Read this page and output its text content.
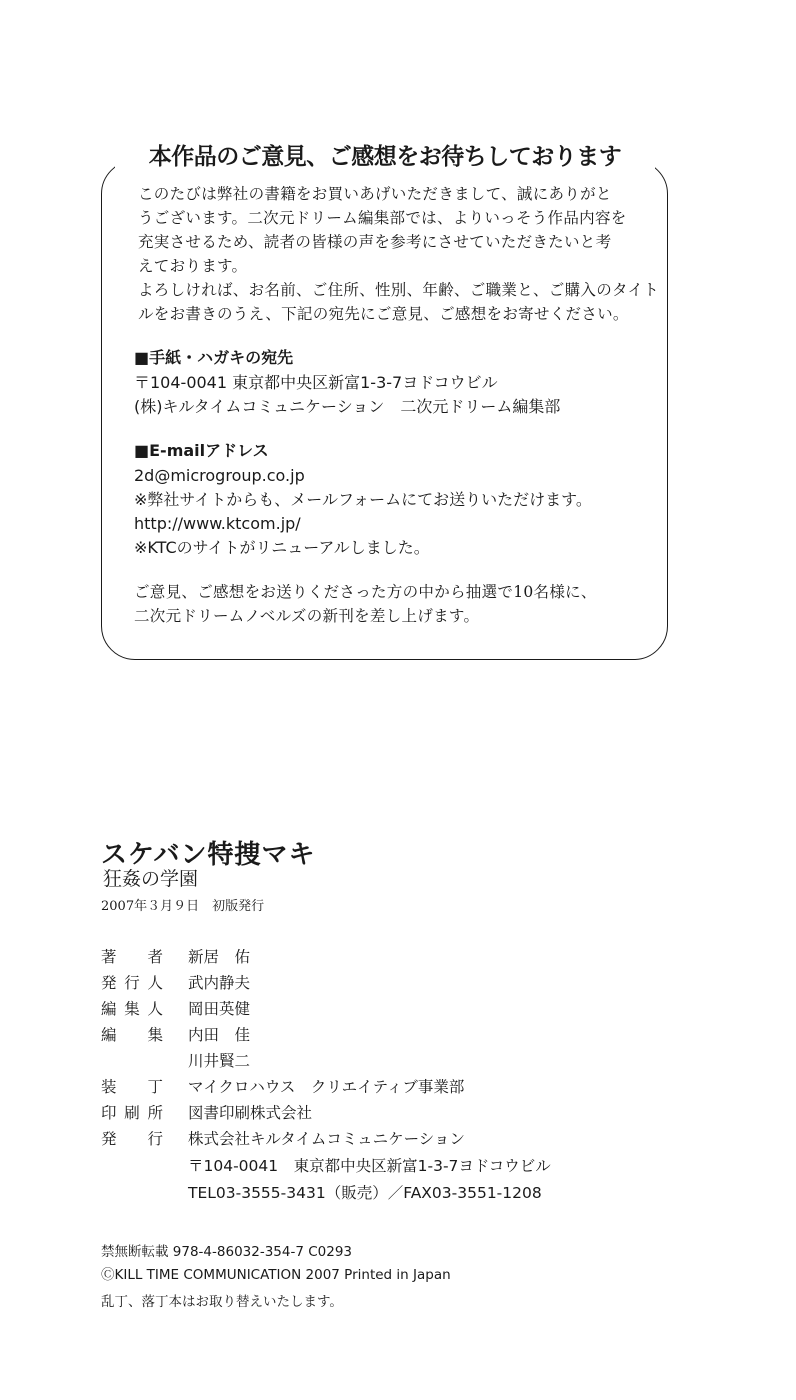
本作品のご意見、ご感想をお待ちしております
このたびは弊社の書籍をお買いあげいただきまして、誠にありがと
うございます。二次元ドリーム編集部では、よりいっそう作品内容を
充実させるため、読者の皆様の声を参考にさせていただきたいと考
えております。
よろしければ、お名前、ご住所、性別、年齢、ご職業と、ご購入のタイト
ルをお書きのうえ、下記の宛先にご意見、ご感想をお寄せください。
■手紙・ハガキの宛先
〒104-0041 東京都中央区新富1-3-7ヨドコウビル
(株)キルタイムコミュニケーション　二次元ドリーム編集部
■E-mailアドレス
2d@microgroup.co.jp
※弊社サイトからも、メールフォームにてお送りいただけます。
http://www.ktcom.jp/
※KTCのサイトがリニューアルしました。
ご意見、ご感想をお送りくださった方の中から抽選で10名様に、
二次元ドリームノベルズの新刊を差し上げます。
スケバン特捜マキ
狂姦の学園
2007年３月９日　初版発行
著　者 新居　佑
発行人 武内静夫
編集人 岡田英健
編　集 内田　佳
川井賢二
装　丁 マイクロハウス　クリエイティブ事業部
印刷所 図書印刷株式会社
発　行 株式会社キルタイムコミュニケーション
〒104-0041　東京都中央区新富1-3-7ヨドコウビル
TEL03-3555-3431（販売）／FAX03-3551-1208
禁無断転載 978-4-86032-354-7 C0293
ⒸKILL TIME COMMUNICATION 2007 Printed in Japan
乱丁、落丁本はお取り替えいたします。
